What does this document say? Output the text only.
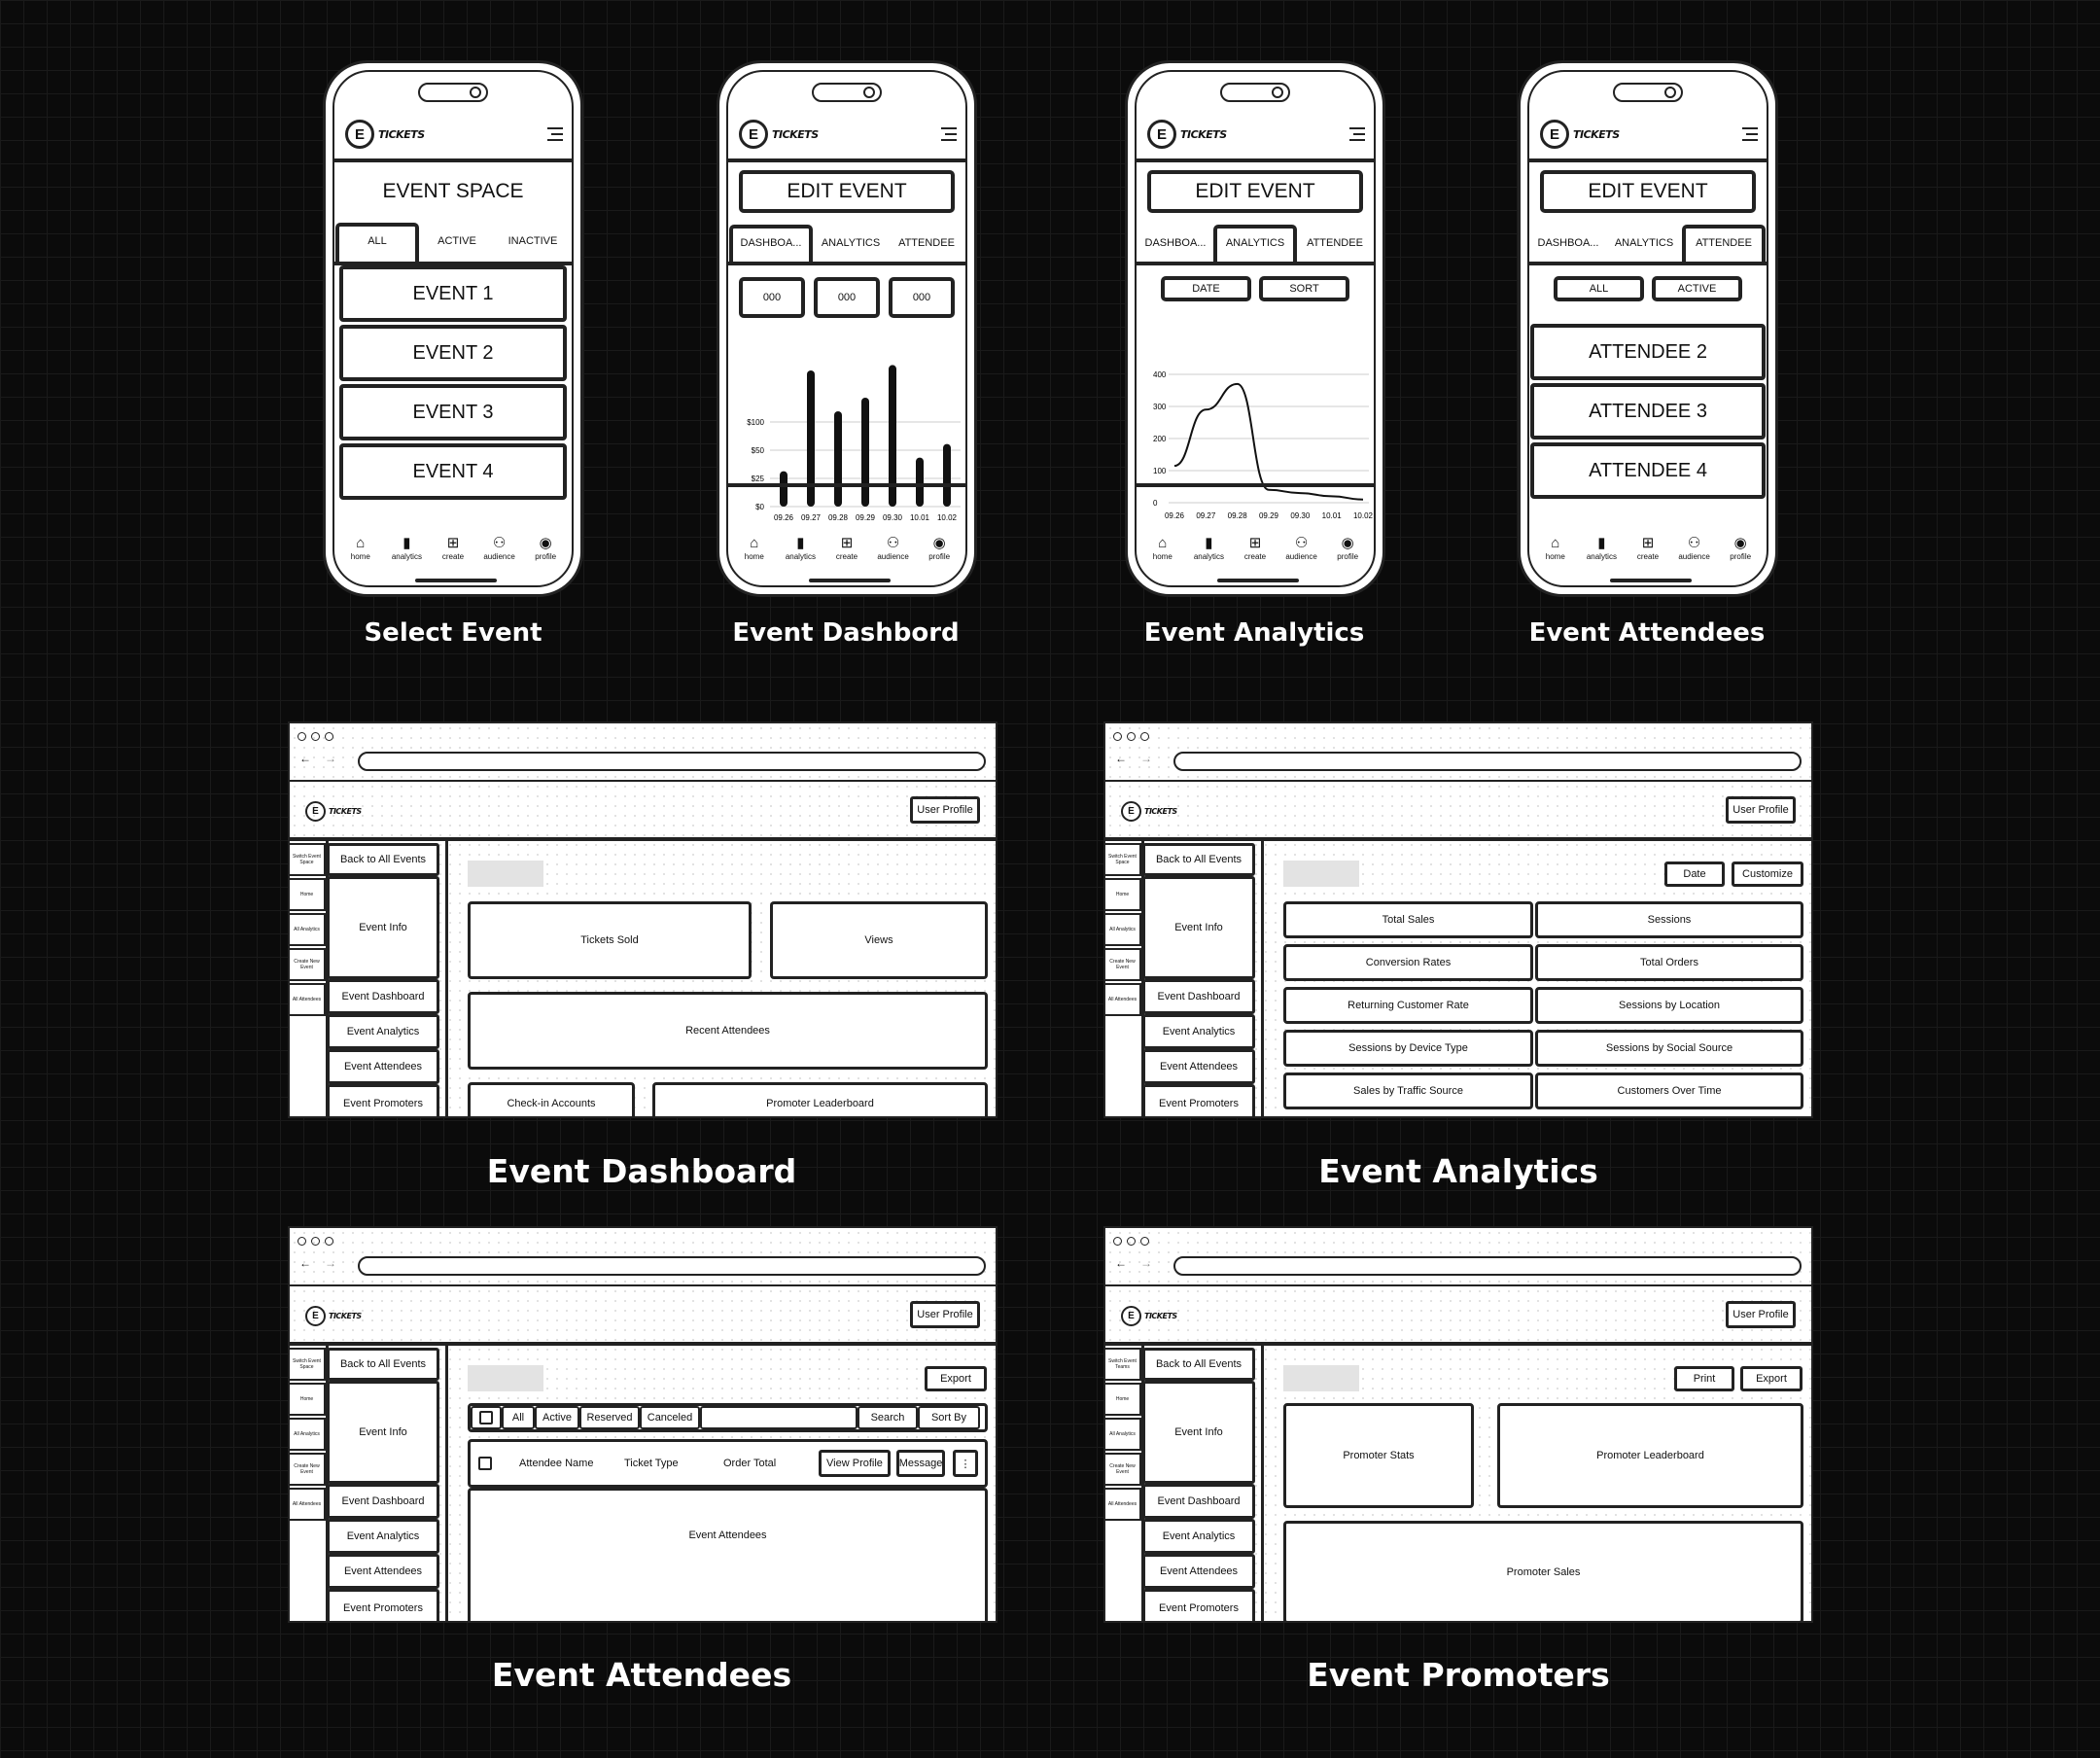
E	TICKETS
EVENT SPACE
ALL	ACTIVE	INACTIVE
EVENT 1
EVENT 2
EVENT 3
EVENT 4
⌂
home
▮
analytics
⊞
create
⚇
audience
◉
profile
E	TICKETS
EDIT EVENT
DASHBOA...	ANALYTICS	ATTENDEE
000	000	000
$0
$25
$50
$100
09.26 09.27 09.28 09.29 09.30 10.01 10.02
⌂
home
▮
analytics
⊞
create
⚇
audience
◉
profile
E	TICKETS
EDIT EVENT
DASHBOA...	ANALYTICS	ATTENDEE
DATE	SORT
0
100
200
300
400
09.26 09.27 09.28 09.29 09.30 10.01 10.02
⌂
home
▮
analytics
⊞
create
⚇
audience
◉
profile
E	TICKETS
EDIT EVENT
DASHBOA...	ANALYTICS	ATTENDEE
ALL	ACTIVE
ATTENDEE 2
ATTENDEE 3
ATTENDEE 4
⌂
home
▮
analytics
⊞
create
⚇
audience
◉
profile
Select Event	Event Dashbord	Event Analytics	Event Attendees
← →
E	TICKETS	User Profile
Switch Event Space
Home
All Analytics
Create New Event
All Attendees
Back to All Events
Event Info
Event Dashboard
Event Analytics
Event Attendees
Event Promoters
Tickets Sold	Views
Recent Attendees
Check-in Accounts	Promoter Leaderboard
← →
E	TICKETS	User Profile
Switch Event Space
Home
All Analytics
Create New Event
All Attendees
Back to All Events
Event Info
Event Dashboard
Event Analytics
Event Attendees
Event Promoters
Date	Customize
Total Sales	Sessions
Conversion Rates	Total Orders
Returning Customer Rate	Sessions by Location
Sessions by Device Type	Sessions by Social Source
Sales by Traffic Source	Customers Over Time
Event Dashboard	Event Analytics
← →
E	TICKETS	User Profile
Switch Event Space
Home
All Analytics
Create New Event
All Attendees
Back to All Events
Event Info
Event Dashboard
Event Analytics
Event Attendees
Event Promoters
Export
All	Active	Reserved	Canceled	Search	Sort By
Attendee Name	Ticket Type	Order Total	View Profile	Message	⋮
Event Attendees
← →
E	TICKETS	User Profile
Switch Event Teams
Home
All Analytics
Create New Event
All Attendees
Back to All Events
Event Info
Event Dashboard
Event Analytics
Event Attendees
Event Promoters
Print	Export
Promoter Stats	Promoter Leaderboard
Promoter Sales
Event Attendees	Event Promoters
